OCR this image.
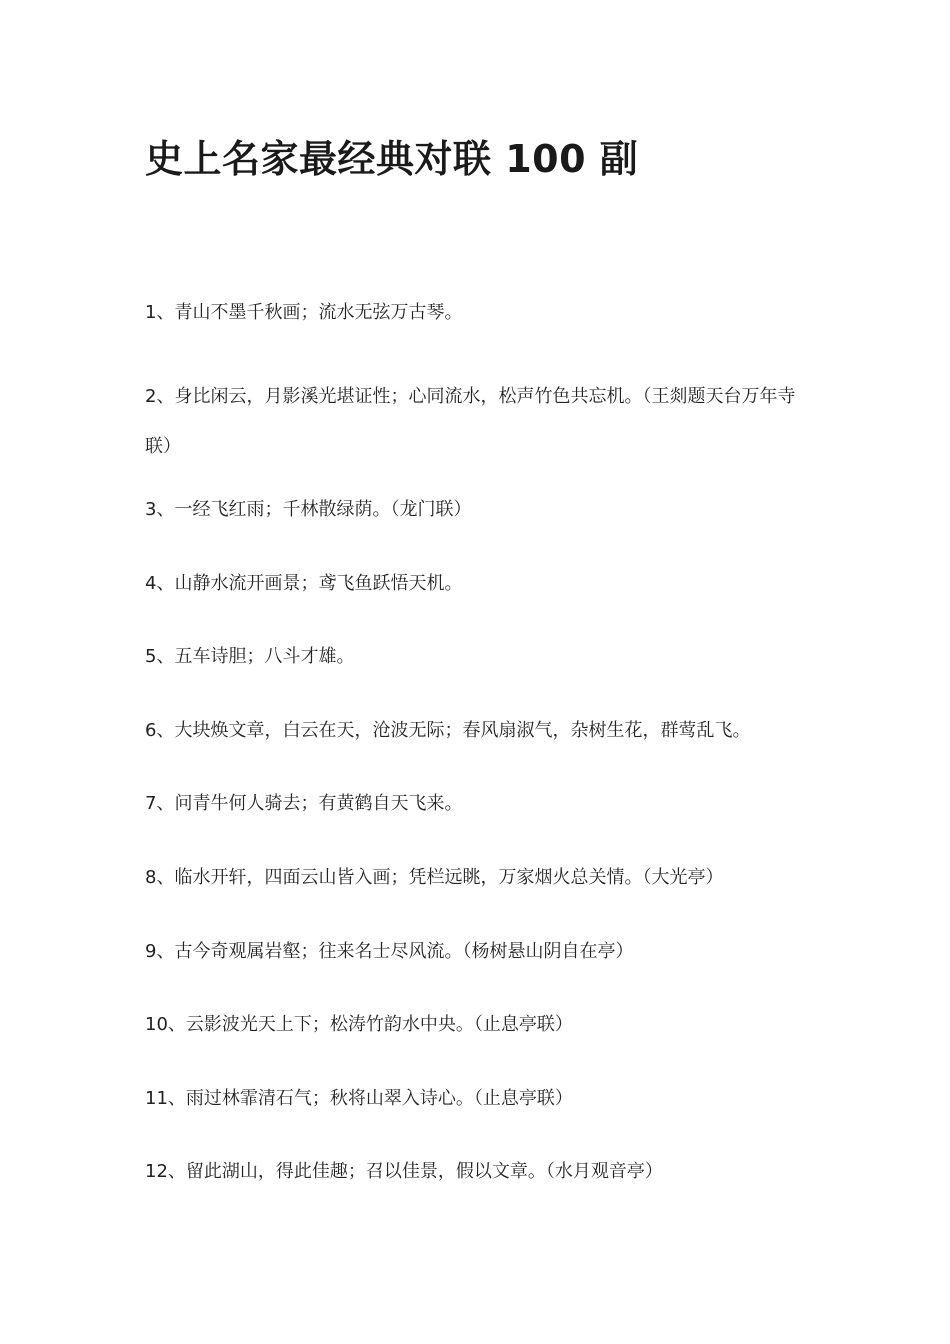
史上名家最经典对联 100 副
1、青山不墨千秋画；流水无弦万古琴。
2、身比闲云，月影溪光堪证性；心同流水，松声竹色共忘机。（王剡题天台万年寺联）
3、一经飞红雨；千林散绿荫。（龙门联）
4、山静水流开画景；鸢飞鱼跃悟天机。
5、五车诗胆；八斗才雄。
6、大块焕文章，白云在天，沧波无际；春风扇淑气，杂树生花，群莺乱飞。
7、问青牛何人骑去；有黄鹤自天飞来。
8、临水开轩，四面云山皆入画；凭栏远眺，万家烟火总关情。（大光亭）
9、古今奇观属岩壑；往来名士尽风流。（杨树悬山阴自在亭）
10、云影波光天上下；松涛竹韵水中央。（止息亭联）
11、雨过林霏清石气；秋将山翠入诗心。（止息亭联）
12、留此湖山，得此佳趣；召以佳景，假以文章。（水月观音亭）
